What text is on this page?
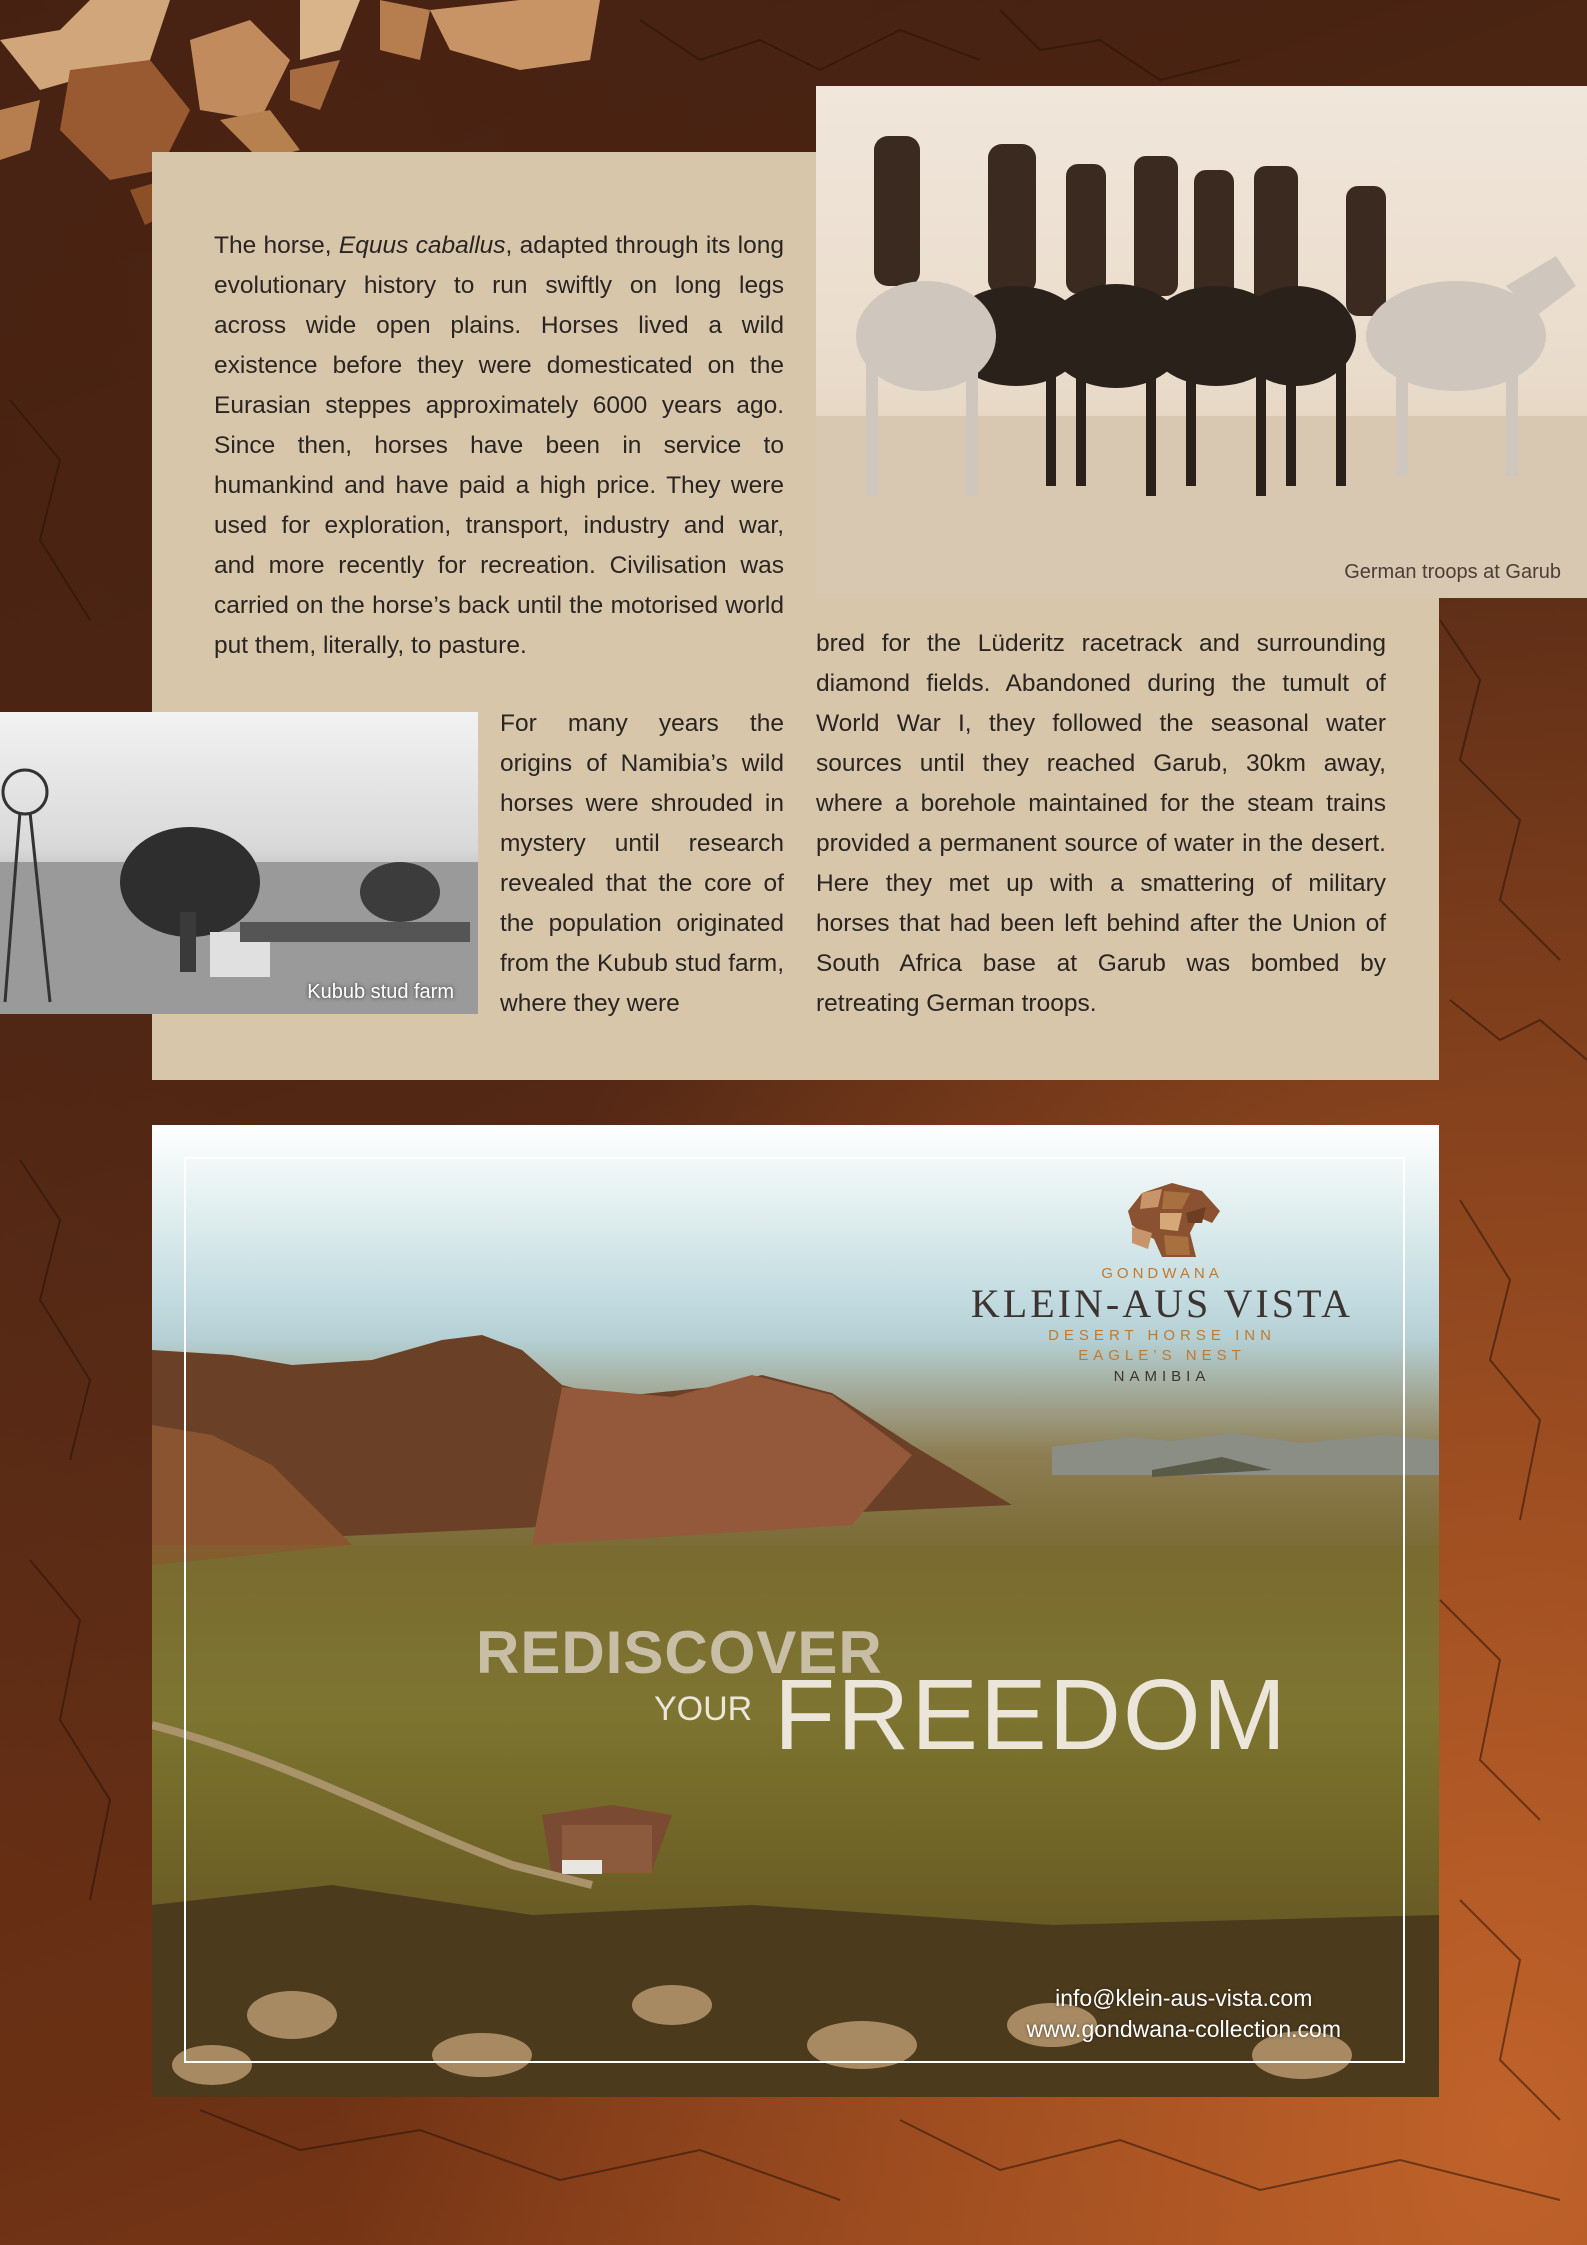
German troops at Garub
Kubub stud farm

The horse, Equus caballus, adapted through its long evolutionary history to run swiftly on long legs across wide open plains. Horses lived a wild existence before they were domesticated on the Eurasian steppes approximately 6000 years ago. Since then, horses have been in service to humankind and have paid a high price. They were used for exploration, transport, industry and war, and more recently for recreation. Civilisation was carried on the horse’s back until the motorised world put them, literally, to pasture.

For many years the origins of Namibia’s wild horses were shrouded in mystery until research revealed that the core of the population originated from the Kubub stud farm, where they were

bred for the Lüderitz racetrack and surrounding diamond fields. Abandoned during the tumult of World War I, they followed the seasonal water sources until they reached Garub, 30km away, where a borehole maintained for the steam trains provided a permanent source of water in the desert. Here they met up with a smattering of military horses that had been left behind after the Union of South Africa base at Garub was bombed by retreating German troops.

GONDWANA
KLEIN-AUS VISTA
DESERT HORSE INN
EAGLE’S NEST
NAMIBIA
REDISCOVER
YOUR FREEDOM
info@klein-aus-vista.com
www.gondwana-collection.com
